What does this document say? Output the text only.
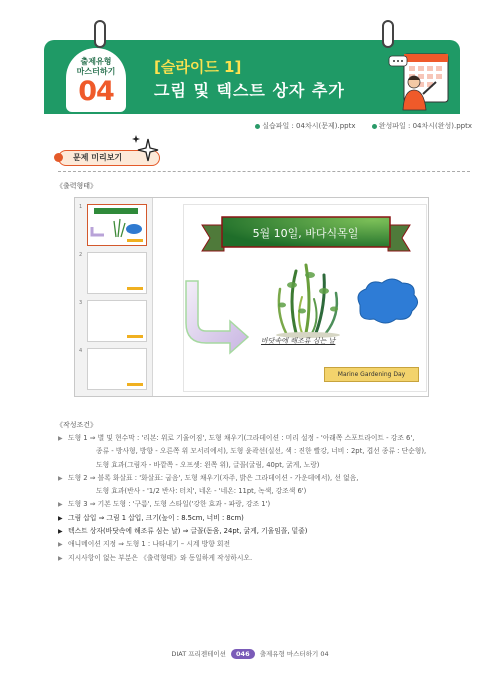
출제유형
마스터하기
04
[슬라이드 1]
그림 및 텍스트 상자 추가
실습파일 : 04차시(문제).pptx	완성파일 : 04차시(완성).pptx
문제 미리보기
《출력형태》
1
2
3
4
5월 10일, 바다식목일
바닷속에 해조류 심는 날
Marine Gardening Day
《작성조건》
▶ 도형 1 ⇒ 별 및 현수막 : '리본: 위로 기울어짐', 도형 채우기(그라데이션 : 미리 설정 - '아래쪽 스포트라이트 - 강조 6',
종류 - 방사형, 방향 - 오른쪽 위 모서리에서), 도형 윤곽선(실선, 색 : 진한 빨강, 너비 : 2pt, 겹선 종류 : 단순형),
도형 효과(그림자 - 바깥쪽 - 오프셋: 왼쪽 위), 글꼴(굴림, 40pt, 굵게, 노랑)
▶ 도형 2 ⇒ 블록 화살표 : '화살표: 굽음', 도형 채우기(자주, 밝은 그라데이션 - 가운데에서), 선 없음,
도형 효과(반사 - '1/2 반사: 터치', 네온 - '네온: 11pt, 녹색, 강조색 6')
▶ 도형 3 ⇒ 기본 도형 : '구름', 도형 스타일('강한 효과 - 파랑, 강조 1')
▶ 그림 삽입 ⇒ 그림 1 삽입, 크기(높이 : 8.5cm, 너비 : 8cm)
▶ 텍스트 상자(바닷속에 해조류 심는 날) ⇒ 글꼴(돋움, 24pt, 굵게, 기울임꼴, 밑줄)
▶ 애니메이션 지정 ⇒ 도형 1 : 나타내기 – 시계 방향 회전
▶ 지시사항이 없는 부분은 《출력형태》와 동일하게 작성하시오.
DIAT 프리젠테이션 046 출제유형 마스터하기 04
